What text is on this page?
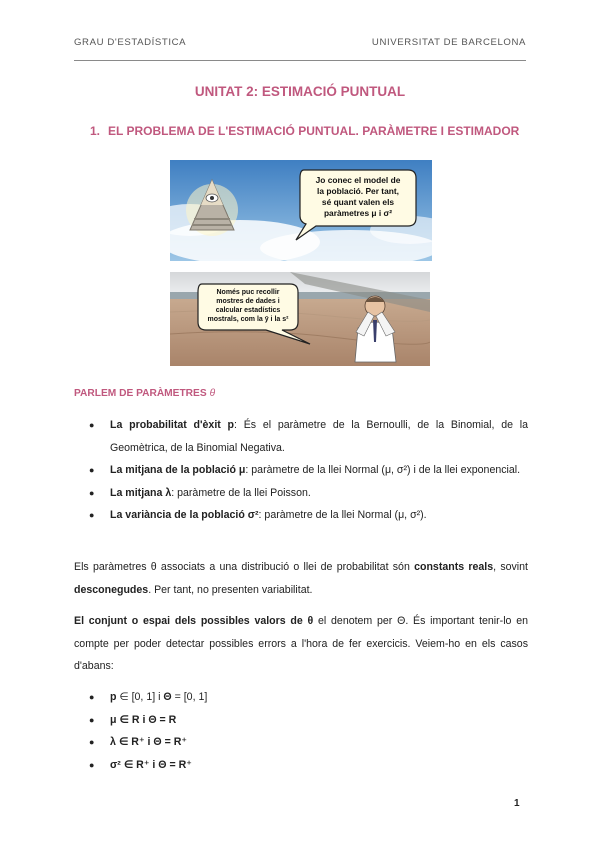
GRAU D'ESTADÍSTICA	UNIVERSITAT DE BARCELONA
UNITAT 2: ESTIMACIÓ PUNTUAL
1. EL PROBLEMA DE L'ESTIMACIÓ PUNTUAL. PARÀMETRE I ESTIMADOR
Jo conec el model de
la població. Per tant,
sé quant valen els
paràmetres μ i σ²
Només puc recollir
mostres de dades i
calcular estadístics
mostrals, com la ȳ i la s²
PARLEM DE PARÀMETRES θ
● La probabilitat d'èxit p: És el paràmetre de la Bernoulli, de la Binomial, de la Geomètrica, de la Binomial Negativa.
● La mitjana de la població μ: paràmetre de la llei Normal (μ, σ²) i de la llei exponencial.
● La mitjana λ: paràmetre de la llei Poisson.
● La variància de la població σ²: paràmetre de la llei Normal (μ, σ²).
Els paràmetres θ associats a una distribució o llei de probabilitat són constants reals, sovint desconegudes. Per tant, no presenten variabilitat.
El conjunt o espai dels possibles valors de θ el denotem per Θ. És important tenir-lo en compte per poder detectar possibles errors a l'hora de fer exercicis. Veiem-ho en els casos d'abans:
● p ∈ [0, 1] i Θ = [0, 1]
● μ ∈ R i Θ = R
● λ ∈ R⁺ i Θ = R⁺
● σ² ∈ R⁺ i Θ = R⁺
1
